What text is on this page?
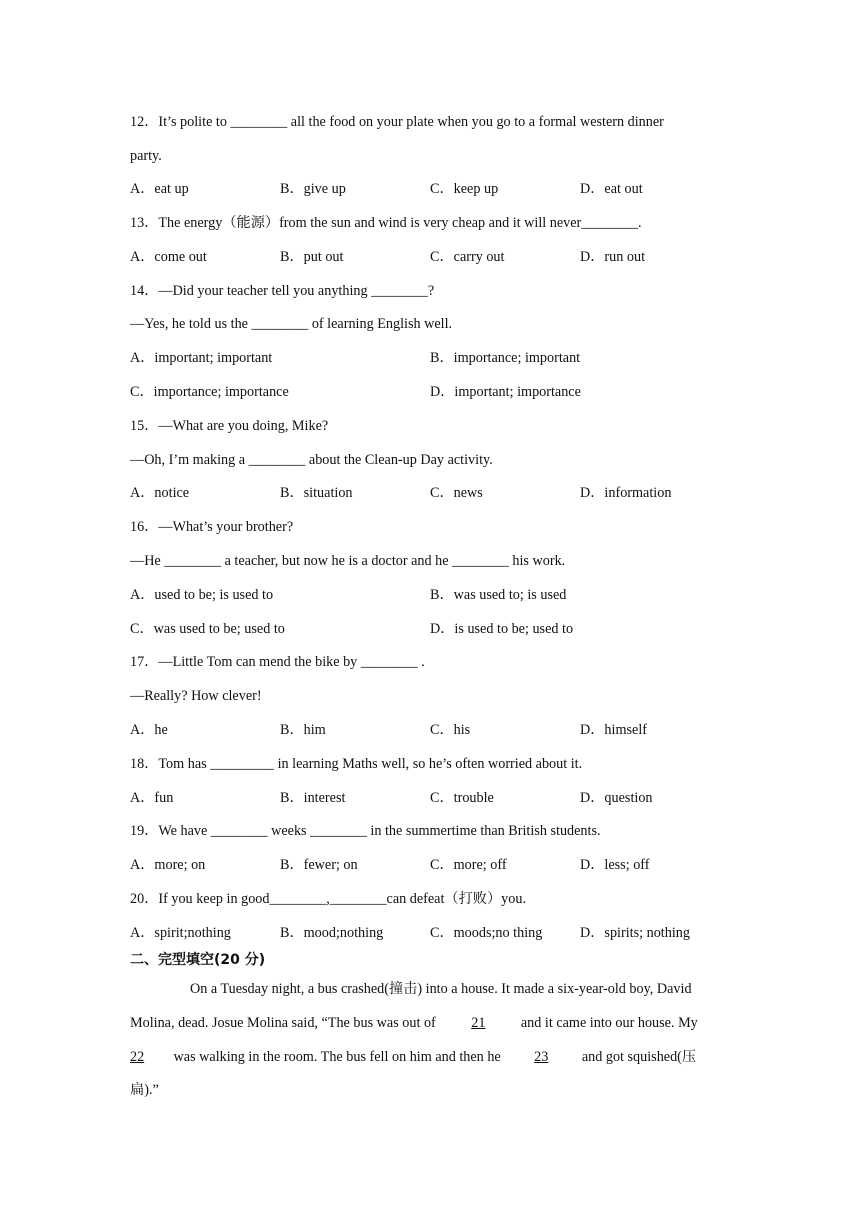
12．It’s polite to ________ all the food on your plate when you go to a formal western dinner
party.
A．eat up	B．give up	C．keep up	D．eat out
13．The energy（能源）from the sun and wind is very cheap and it will never________.
A．come out	B．put out	C．carry out	D．run out
14．—Did your teacher tell you anything ________?
—Yes, he told us the ________ of learning English well.
A．important; important	B．importance; important
C．importance; importance	D．important; importance
15．—What are you doing, Mike?
—Oh, I’m making a ________ about the Clean-up Day activity.
A．notice	B．situation	C．news	D．information
16．—What’s your brother?
—He ________ a teacher, but now he is a doctor and he ________ his work.
A．used to be; is used to	B．was used to; is used
C．was used to be; used to	D．is used to be; used to
17．—Little Tom can mend the bike by ________ .
—Really? How clever!
A．he	B．him	C．his	D．himself
18．Tom has _________ in learning Maths well, so he’s often worried about it.
A．fun	B．interest	C．trouble	D．question
19．We have ________ weeks ________ in the summertime than British students.
A．more; on	B．fewer; on	C．more; off	D．less; off
20．If you keep in good________,________can defeat（打败）you.
A．spirit;nothing	B．mood;nothing	C．moods;no thing	D．spirits; nothing
二、完型填空(20 分)
On a Tuesday night, a bus crashed(撞击) into a house. It made a six-year-old boy, David
Molina, dead. Josue Molina said, “The bus was out of 21 and it came into our house. My
22 was walking in the room. The bus fell on him and then he 23 and got squished(压
扁).”
